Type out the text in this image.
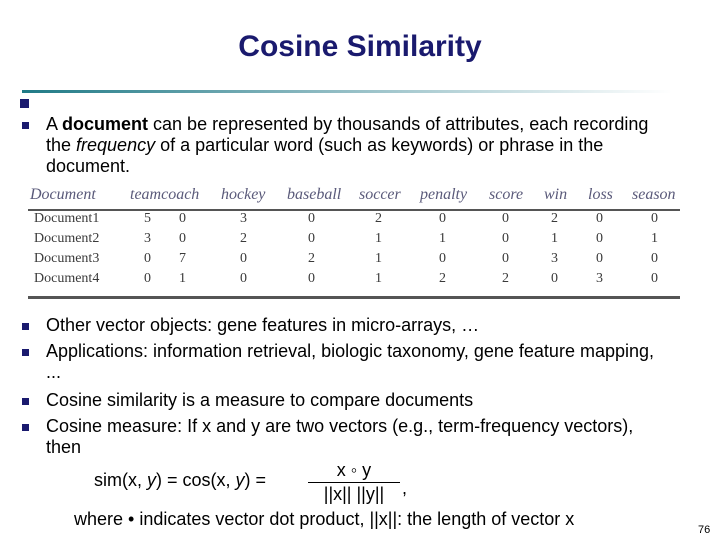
Cosine Similarity
A document can be represented by thousands of attributes, each recording the frequency of a particular word (such as keywords) or phrase in the document.
Document teamcoach hockey baseball soccer penalty score win loss season
Document1	5 0	3	0	2	0	0	2	0	0
Document2	3 0	2	0	1	1	0	1	0	1
Document3	0 7	0	2	1	0	0	3	0	0
Document4	0 1	0	0	1	2	2	0	3	0
Other vector objects: gene features in micro-arrays, …
Applications: information retrieval, biologic taxonomy, gene feature mapping, ...
Cosine similarity is a measure to compare documents
Cosine measure: If x and y are two vectors (e.g., term-frequency vectors), then
sim(x, y) = cos(x, y) =	x ◦ y
||x|| ||y|| ,
where • indicates vector dot product, ||x||: the length of vector x
76
